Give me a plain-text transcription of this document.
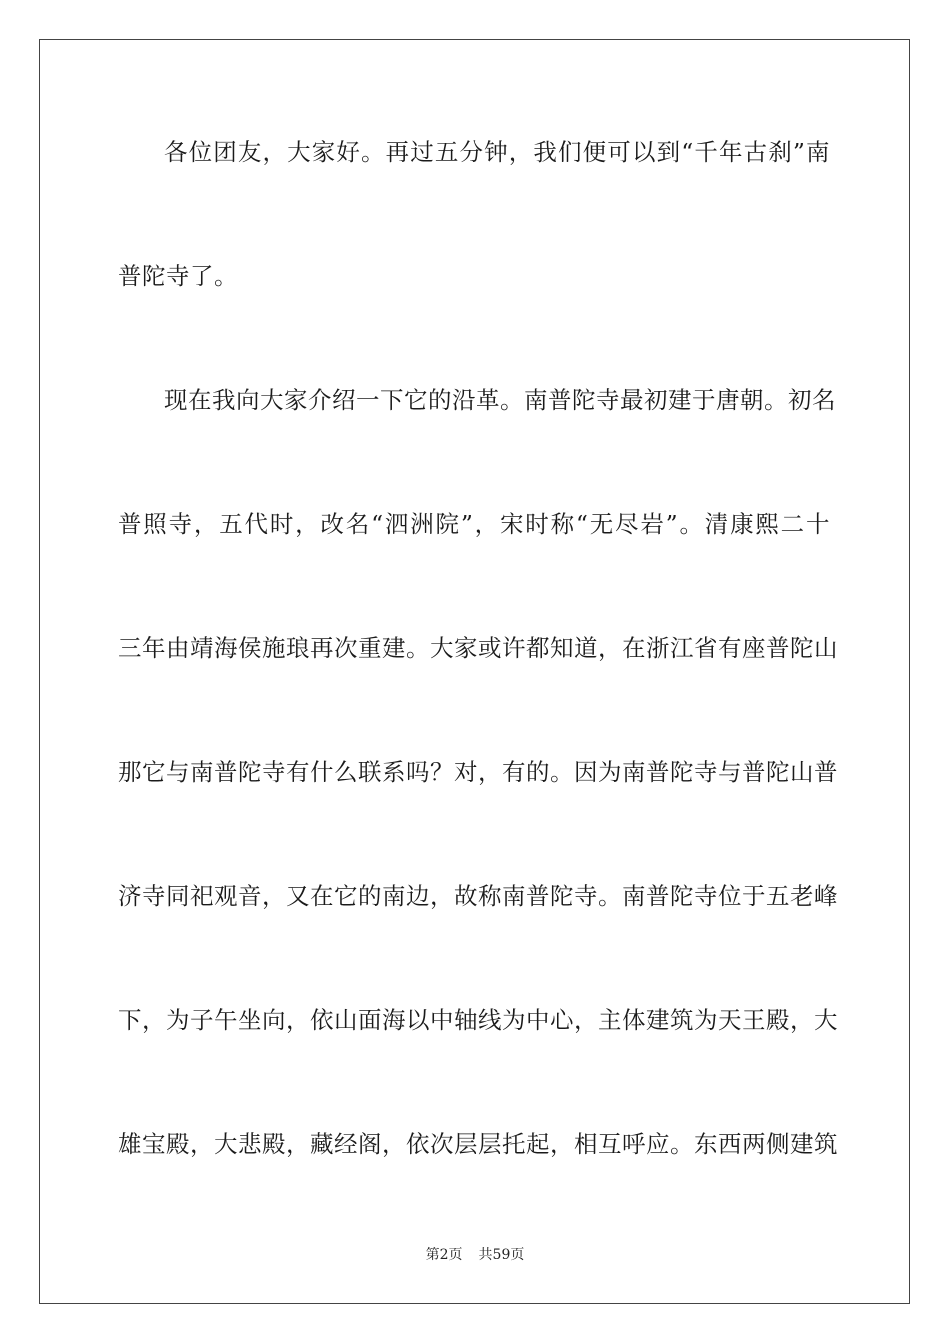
各位团友，大家好。再过五分钟，我们便可以到“千年古刹”南
普陀寺了。
现在我向大家介绍一下它的沿革。南普陀寺最初建于唐朝。初名
普照寺，五代时，改名“泗洲院”，宋时称“无尽岩”。清康熙二十
三年由靖海侯施琅再次重建。大家或许都知道，在浙江省有座普陀山
那它与南普陀寺有什么联系吗？对，有的。因为南普陀寺与普陀山普
济寺同祀观音，又在它的南边，故称南普陀寺。南普陀寺位于五老峰
下，为子午坐向，依山面海以中轴线为中心，主体建筑为天王殿，大
雄宝殿，大悲殿，藏经阁，依次层层托起，相互呼应。东西两侧建筑
第2页 共59页
